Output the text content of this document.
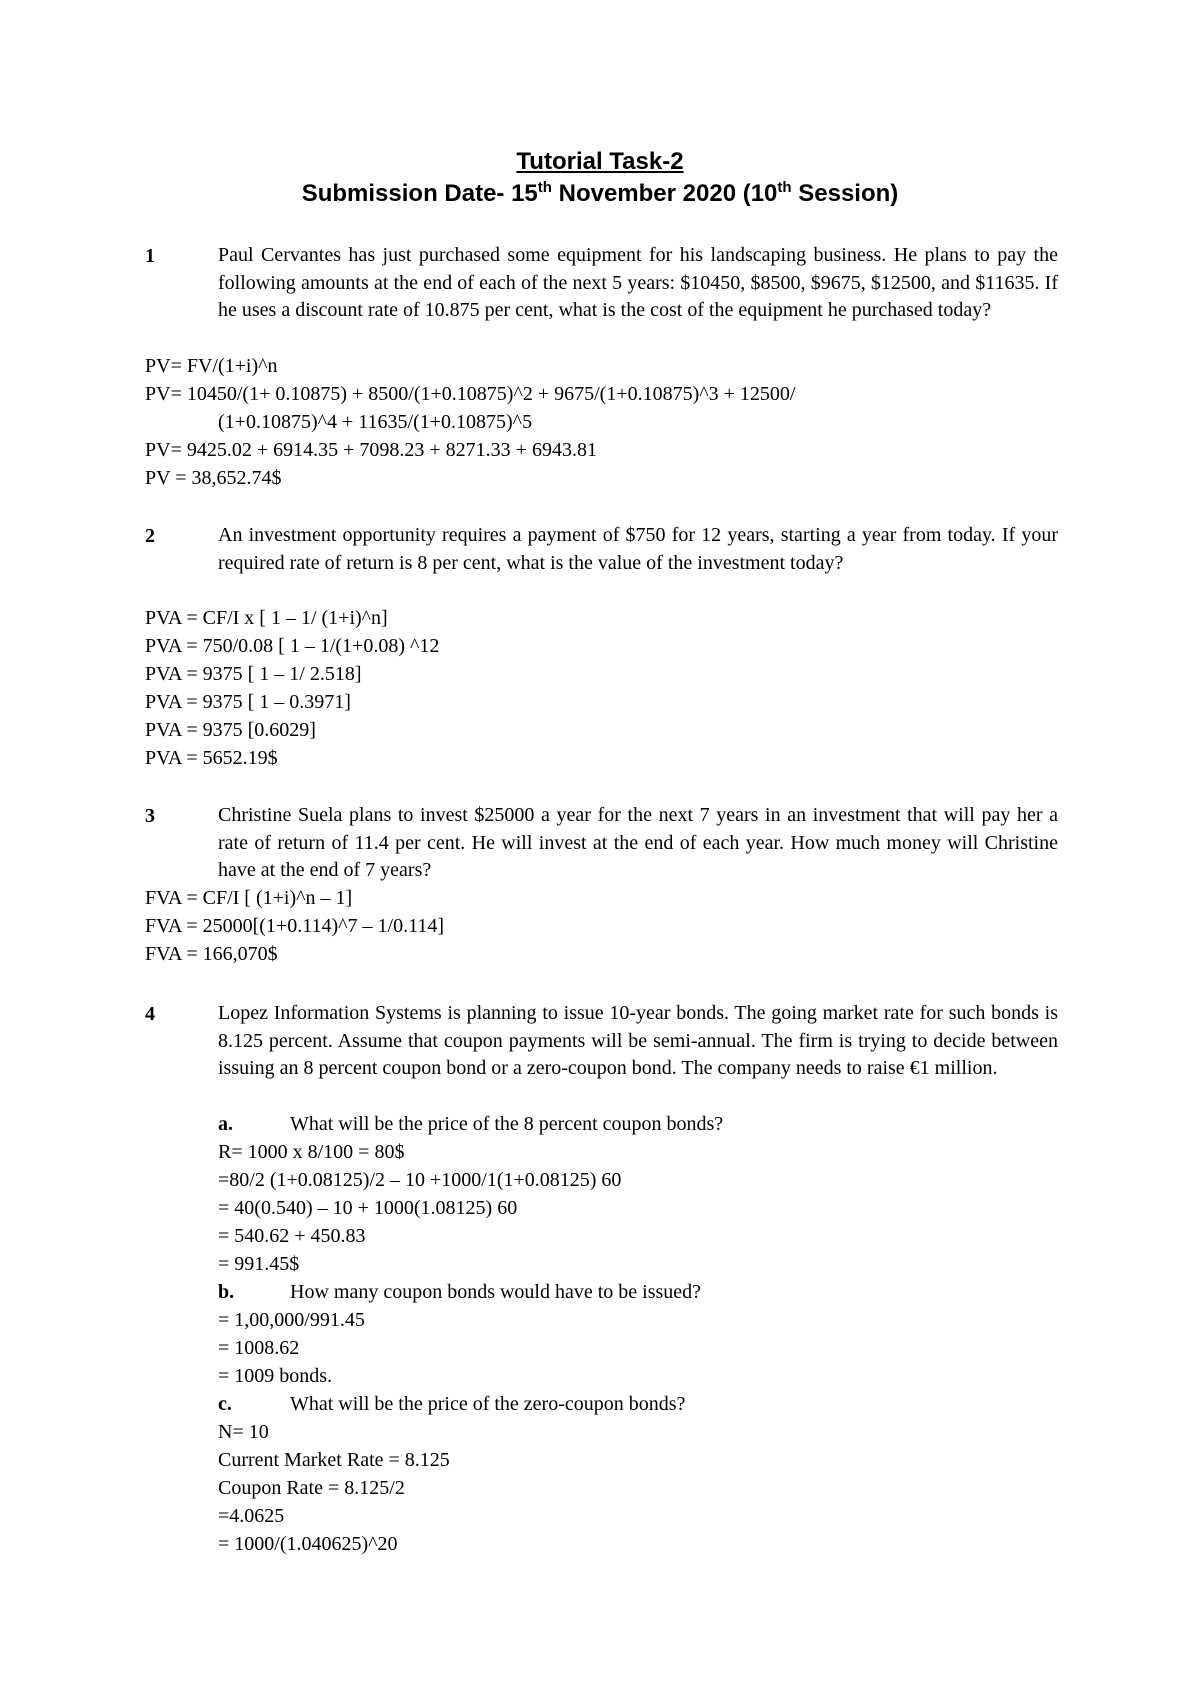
Tutorial Task-2
Submission Date- 15th November 2020 (10th Session)
1	Paul Cervantes has just purchased some equipment for his landscaping business. He plans to pay the following amounts at the end of each of the next 5 years: $10450, $8500, $9675, $12500, and $11635. If he uses a discount rate of 10.875 per cent, what is the cost of the equipment he purchased today?
PV= FV/(1+i)^n
PV= 10450/(1+ 0.10875) + 8500/(1+0.10875)^2 + 9675/(1+0.10875)^3 + 12500/
(1+0.10875)^4 + 11635/(1+0.10875)^5
PV= 9425.02 + 6914.35 + 7098.23 + 8271.33 + 6943.81
PV = 38,652.74$
2	An investment opportunity requires a payment of $750 for 12 years, starting a year from today. If your required rate of return is 8 per cent, what is the value of the investment today?
PVA = CF/I x [ 1 – 1/ (1+i)^n]
PVA = 750/0.08 [ 1 – 1/(1+0.08) ^12
PVA = 9375 [ 1 – 1/ 2.518]
PVA = 9375 [ 1 – 0.3971]
PVA = 9375 [0.6029]
PVA = 5652.19$
3	Christine Suela plans to invest $25000 a year for the next 7 years in an investment that will pay her a rate of return of 11.4 per cent. He will invest at the end of each year. How much money will Christine have at the end of 7 years?
FVA = CF/I [ (1+i)^n – 1]
FVA = 25000[(1+0.114)^7 – 1/0.114]
FVA = 166,070$
4	Lopez Information Systems is planning to issue 10-year bonds. The going market rate for such bonds is 8.125 percent. Assume that coupon payments will be semi-annual. The firm is trying to decide between issuing an 8 percent coupon bond or a zero-coupon bond. The company needs to raise €1 million.
a.	What will be the price of the 8 percent coupon bonds?
R= 1000 x 8/100 = 80$
=80/2 (1+0.08125)/2 – 10 +1000/1(1+0.08125) 60
= 40(0.540) – 10 + 1000(1.08125) 60
= 540.62 + 450.83
= 991.45$
b.	How many coupon bonds would have to be issued?
= 1,00,000/991.45
= 1008.62
= 1009 bonds.
c.	What will be the price of the zero-coupon bonds?
N= 10
Current Market Rate = 8.125
Coupon Rate = 8.125/2
=4.0625
= 1000/(1.040625)^20
